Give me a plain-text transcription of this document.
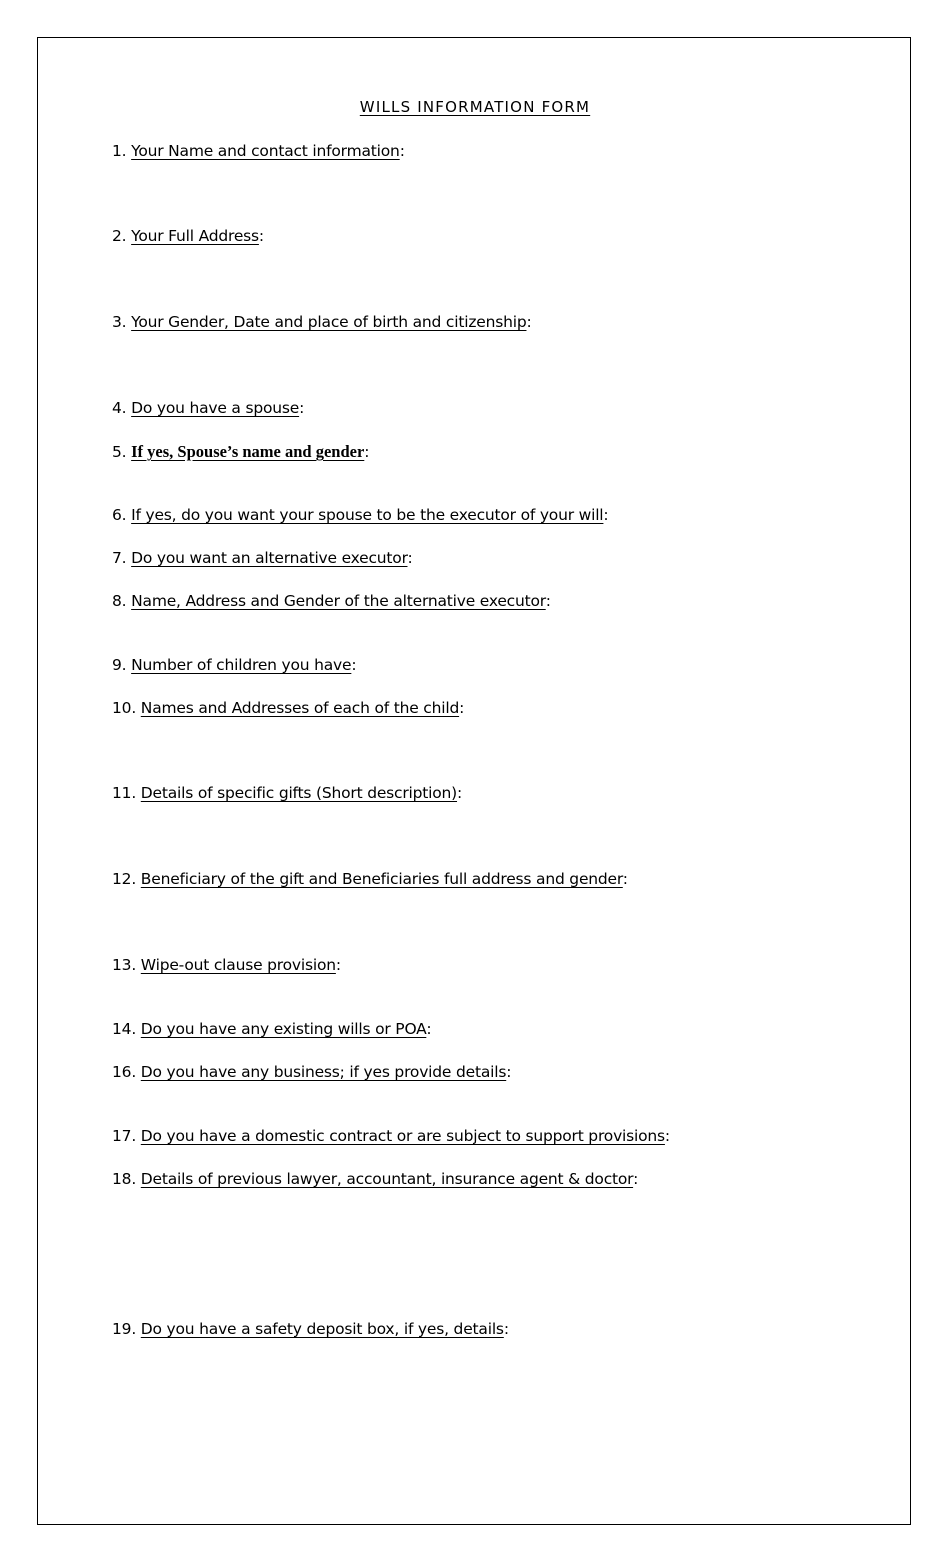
WILLS INFORMATION FORM
1. Your Name and contact information:
2. Your Full Address:
3. Your Gender, Date and place of birth and citizenship:
4. Do you have a spouse:
5. If yes, Spouse’s name and gender:
6. If yes, do you want your spouse to be the executor of your will:
7. Do you want an alternative executor:
8. Name, Address and Gender of the alternative executor:
9. Number of children you have:
10. Names and Addresses of each of the child:
11. Details of specific gifts (Short description):
12. Beneficiary of the gift and Beneficiaries full address and gender:
13. Wipe-out clause provision:
14. Do you have any existing wills or POA:
16. Do you have any business; if yes provide details:
17. Do you have a domestic contract or are subject to support provisions:
18. Details of previous lawyer, accountant, insurance agent & doctor:
19. Do you have a safety deposit box, if yes, details:
